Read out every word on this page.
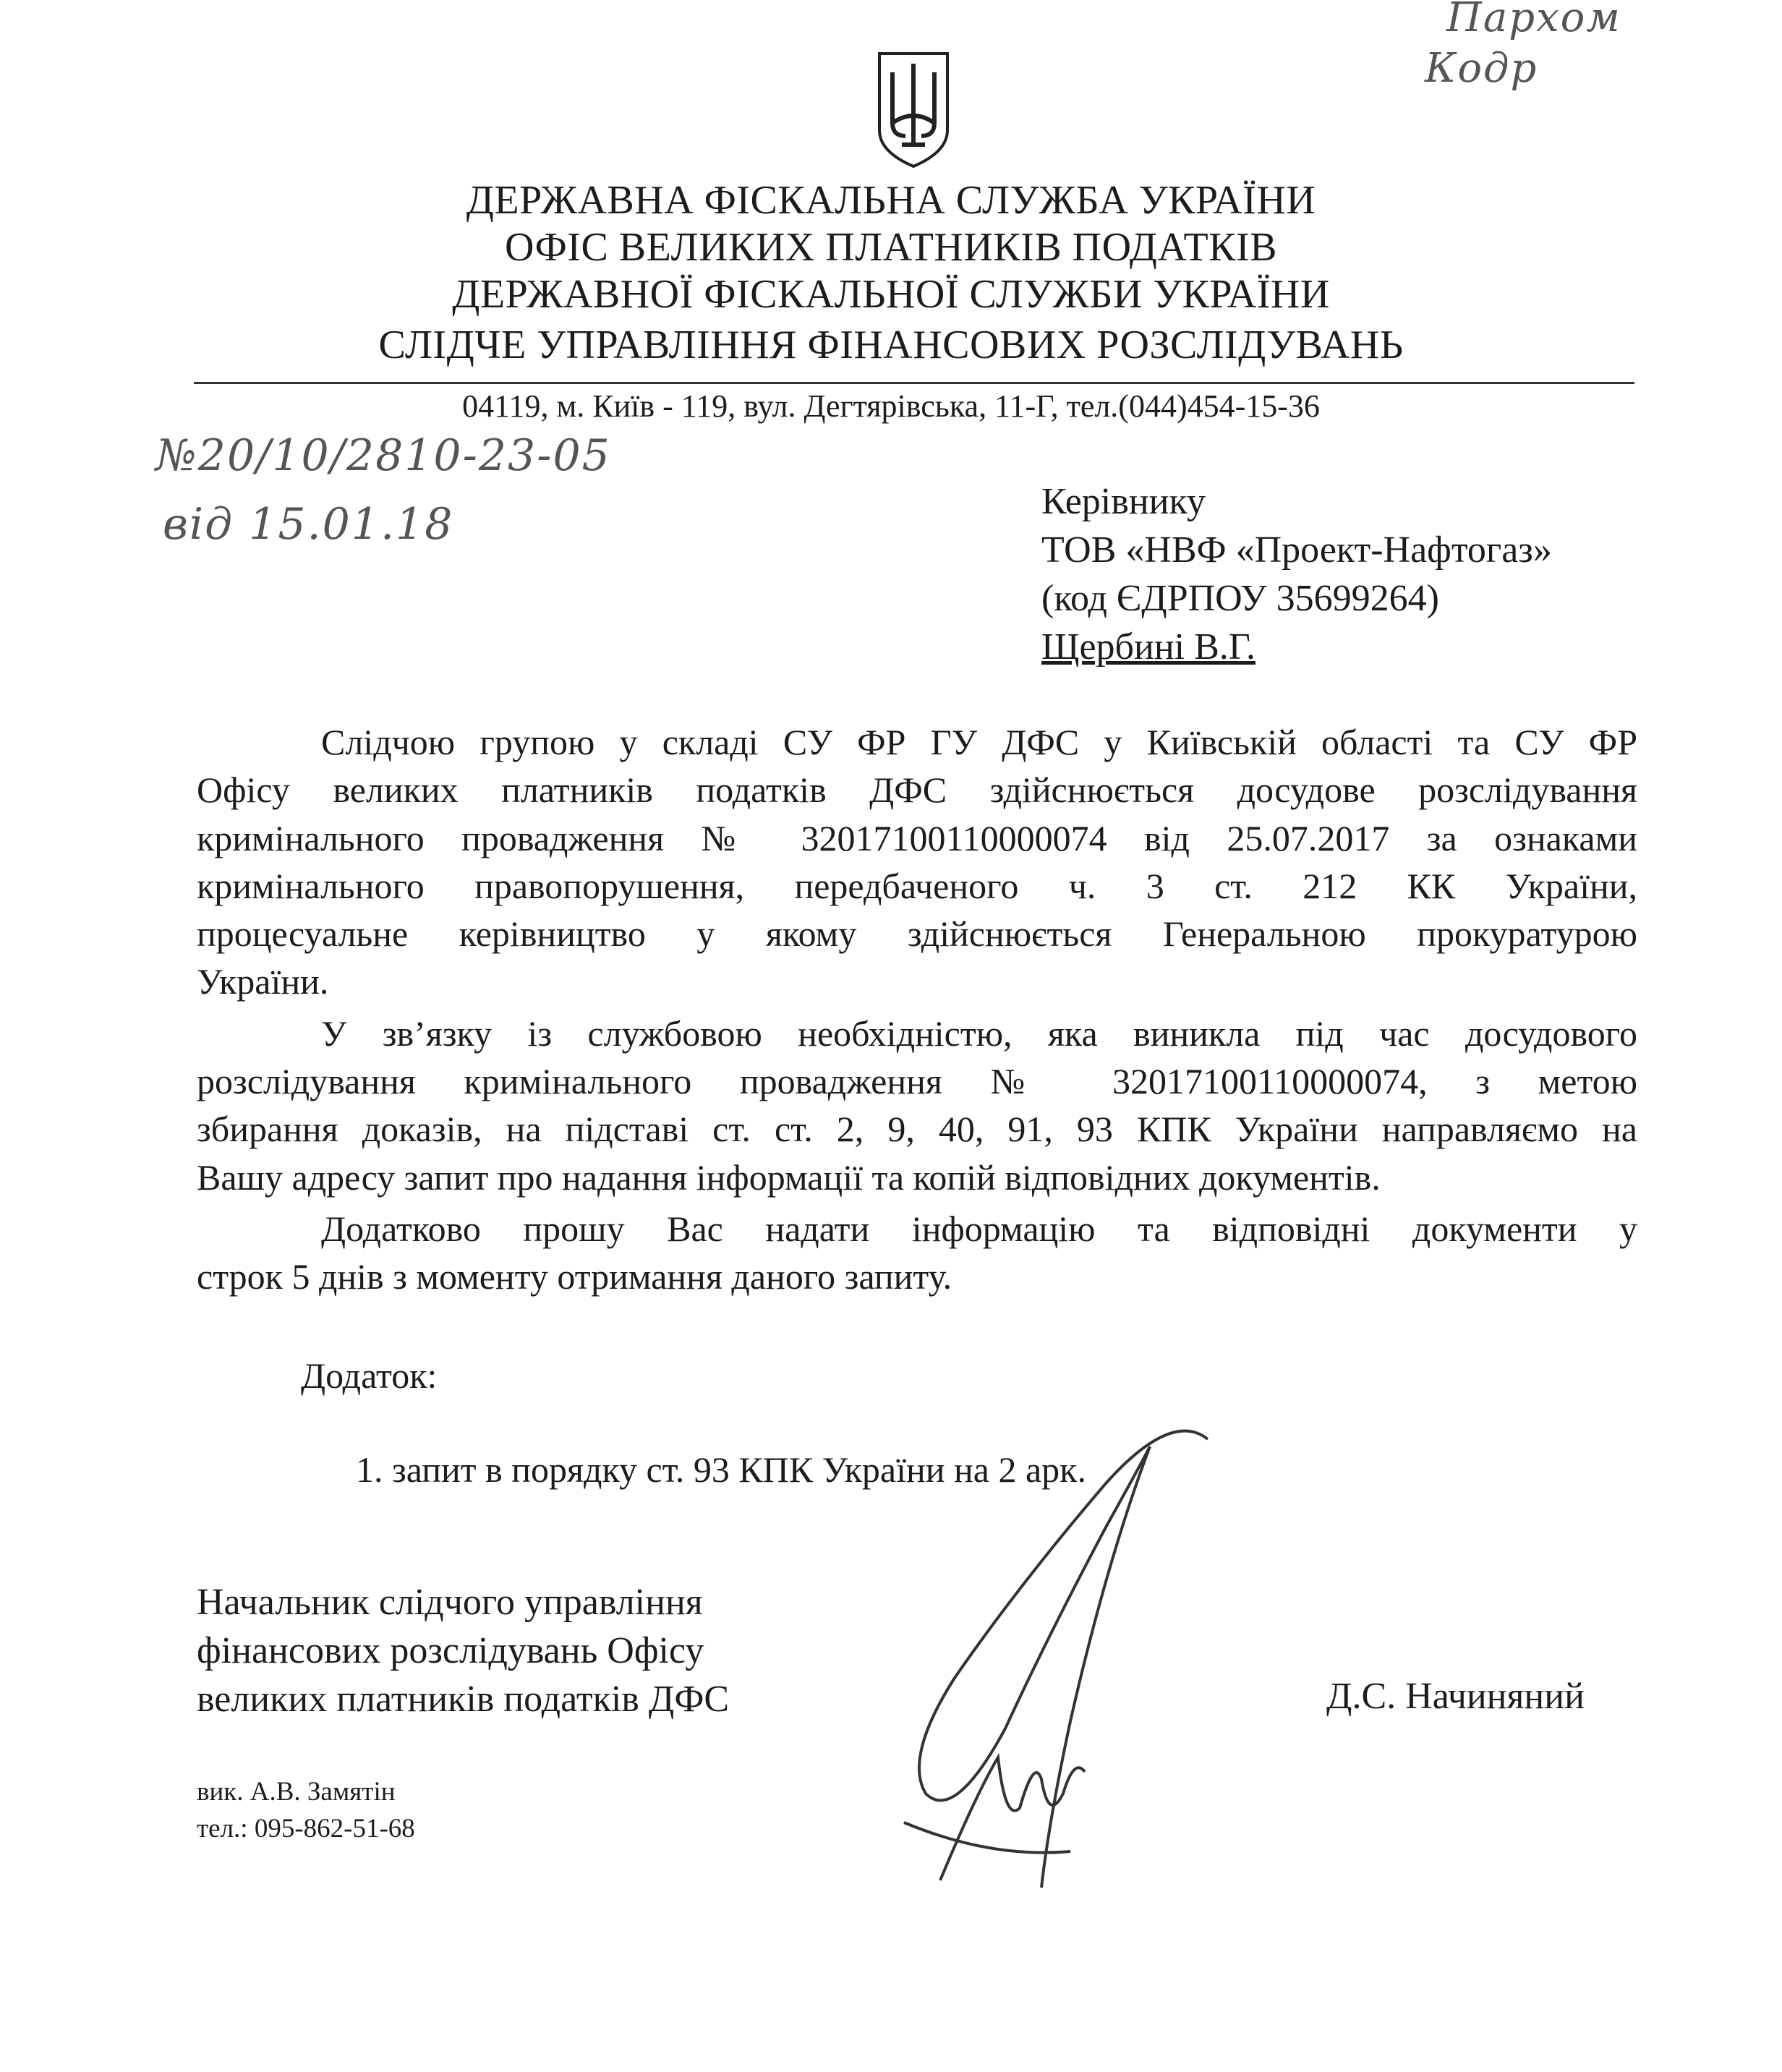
Пархом
Кодр
ДЕРЖАВНА ФІСКАЛЬНА СЛУЖБА УКРАЇНИ
ОФІС ВЕЛИКИХ ПЛАТНИКІВ ПОДАТКІВ
ДЕРЖАВНОЇ ФІСКАЛЬНОЇ СЛУЖБИ УКРАЇНИ
СЛІДЧЕ УПРАВЛІННЯ ФІНАНСОВИХ РОЗСЛІДУВАНЬ
04119, м. Київ - 119, вул. Дегтярівська, 11-Г, тел.(044)454-15-36
№20/10/2810-23-05
від 15.01.18	Керівнику
ТОВ «НВФ «Проект-Нафтогаз»
(код ЄДРПОУ 35699264)
Щербині В.Г.
Слідчою групою у складі СУ ФР ГУ ДФС у Київській області та СУ ФР
Офісу великих платників податків ДФС здійснюється досудове розслідування
кримінального провадження № 32017100110000074 від 25.07.2017 за ознаками
кримінального правопорушення, передбаченого ч. 3 ст. 212 КК України,
процесуальне керівництво у якому здійснюється Генеральною прокуратурою
України.
У зв’язку із службовою необхідністю, яка виникла під час досудового
розслідування кримінального провадження № 32017100110000074, з метою
збирання доказів, на підставі ст. ст. 2, 9, 40, 91, 93 КПК України направляємо на
Вашу адресу запит про надання інформації та копій відповідних документів.
Додатково прошу Вас надати інформацію та відповідні документи у
строк 5 днів з моменту отримання даного запиту.
Додаток:
1. запит в порядку ст. 93 КПК України на 2 арк.
Начальник слідчого управління
фінансових розслідувань Офісу
великих платників податків ДФС	Д.С. Начиняний
вик. А.В. Замятін
тел.: 095-862-51-68
